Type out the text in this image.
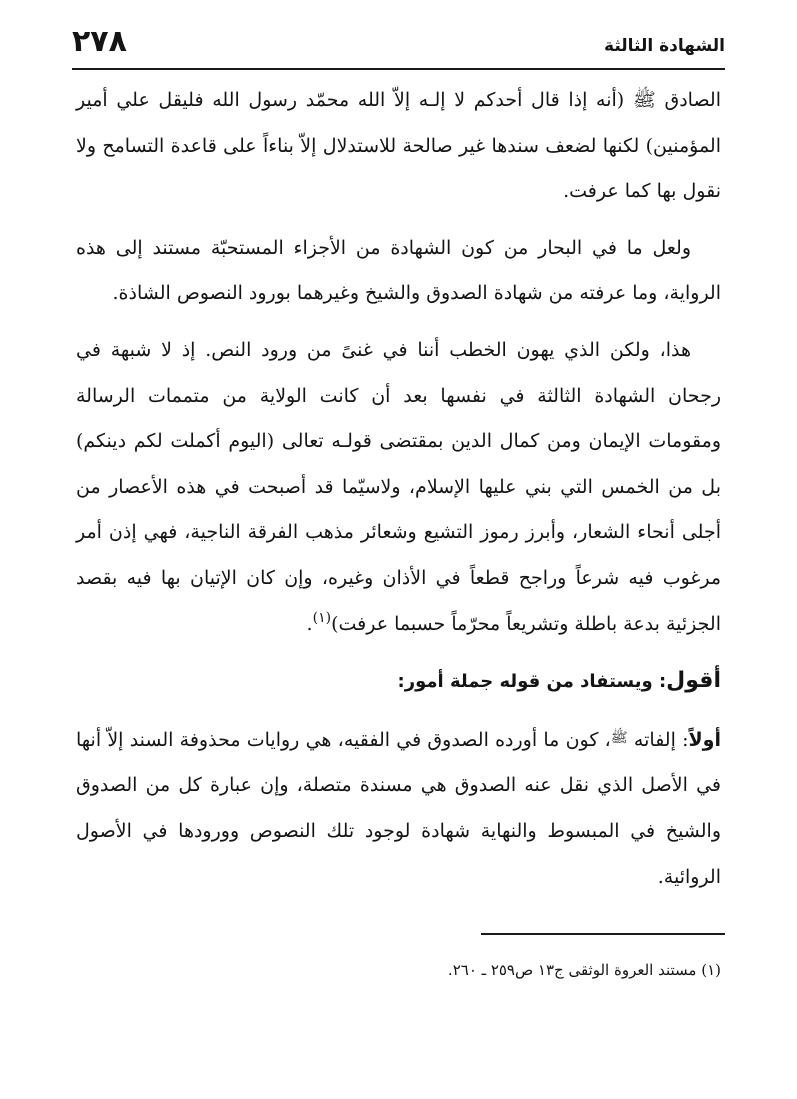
٢٧٨	الشهادة الثالثة

الصادق ﷺ (أنه إذا قال أحدكم لا إلـه إلاّ الله محمّد رسول الله فليقل علي أمير المؤمنين) لكنها لضعف سندها غير صالحة للاستدلال إلاّ بناءاً على قاعدة التسامح ولا نقول بها كما عرفت.

ولعل ما في البحار من كون الشهادة من الأجزاء المستحبّة مستند إلى هذه الرواية، وما عرفته من شهادة الصدوق والشيخ وغيرهما بورود النصوص الشاذة.

هذا، ولكن الذي يهون الخطب أننا في غنىً من ورود النص. إذ لا شبهة في رجحان الشهادة الثالثة في نفسها بعد أن كانت الولاية من متممات الرسالة ومقومات الإيمان ومن كمال الدين بمقتضى قولـه تعالى (اليوم أكملت لكم دينكم) بل من الخمس التي بني عليها الإسلام، ولاسيّما قد أصبحت في هذه الأعصار من أجلى أنحاء الشعار، وأبرز رموز التشيع وشعائر مذهب الفرقة الناجية، فهي إذن أمر مرغوب فيه شرعاً وراجح قطعاً في الأذان وغيره، وإن كان الإتيان بها فيه بقصد الجزئية بدعة باطلة وتشريعاً محرّماً حسبما عرفت)$^{(١)}$.

أقول: ويستفاد من قوله جملة أمور:

أولاً: إلفاته $^ﷺ$، كون ما أورده الصدوق في الفقيه، هي روايات محذوفة السند إلاّ أنها في الأصل الذي نقل عنه الصدوق هي مسندة متصلة، وإن عبارة كل من الصدوق والشيخ في المبسوط والنهاية شهادة لوجود تلك النصوص وورودها في الأصول الروائية.

(١) مستند العروة الوثقى ج١٣ ص٢٥٩ ـ ٢٦٠.
